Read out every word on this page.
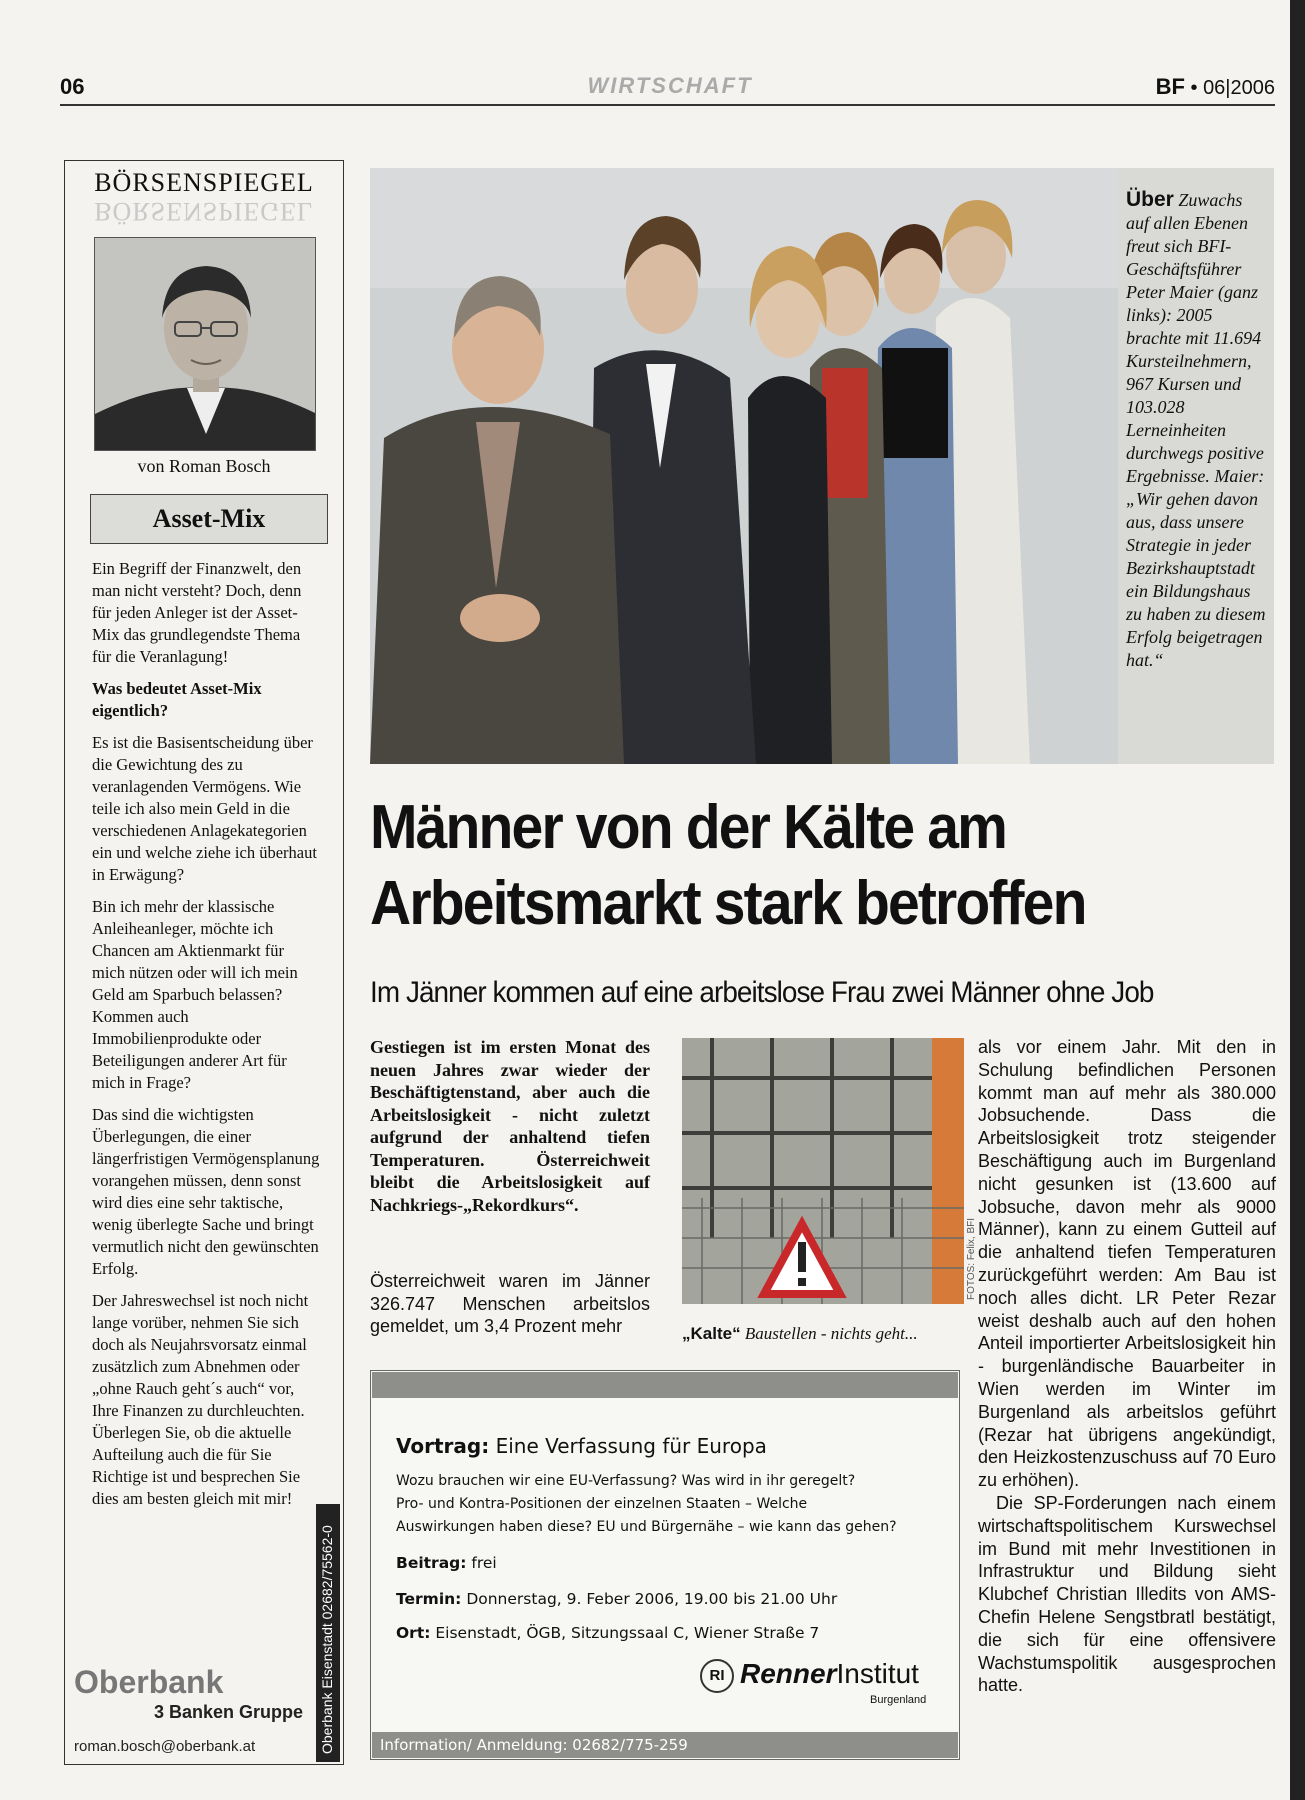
06	WIRTSCHAFT	BF • 06|2006
BÖRSENSPIEGEL
BÖRSENSPIEGEL
von Roman Bosch
Asset-Mix

Ein Begriff der Finanzwelt, den man nicht versteht? Doch, denn für jeden Anleger ist der Asset-Mix das grundlegendste Thema für die Veranlagung!

Was bedeutet Asset-Mix eigentlich?

Es ist die Basisentscheidung über die Gewichtung des zu veranlagenden Vermögens. Wie teile ich also mein Geld in die verschiedenen Anlagekategorien ein und welche ziehe ich überhaut in Erwägung?

Bin ich mehr der klassische Anleiheanleger, möchte ich Chancen am Aktienmarkt für mich nützen oder will ich mein Geld am Sparbuch belassen? Kommen auch Immobilienprodukte oder Beteiligungen anderer Art für mich in Frage?

Das sind die wichtigsten Überlegungen, die einer längerfristigen Vermögensplanung vorangehen müssen, denn sonst wird dies eine sehr taktische, wenig überlegte Sache und bringt vermutlich nicht den gewünschten Erfolg.

Der Jahreswechsel ist noch nicht lange vorüber, nehmen Sie sich doch als Neujahrsvorsatz einmal zusätzlich zum Abnehmen oder „ohne Rauch geht´s auch“ vor, Ihre Finanzen zu durchleuchten. Überlegen Sie, ob die aktuelle Aufteilung auch die für Sie Richtige ist und besprechen Sie dies am besten gleich mit mir!

Oberbank
3 Banken Gruppe
roman.bosch@oberbank.at	Oberbank Eisenstadt 02682/75562-0
Über Zuwachs auf allen Ebenen freut sich BFI-Geschäftsführer Peter Maier (ganz links): 2005 brachte mit 11.694 Kursteilnehmern, 967 Kursen und 103.028 Lerneinheiten durchwegs positive Ergebnisse. Maier: „Wir gehen davon aus, dass unsere Strategie in jeder Bezirkshauptstadt ein Bildungshaus zu haben zu diesem Erfolg beigetragen hat.“
Männer von der Kälte am
Arbeitsmarkt stark betroffen
Im Jänner kommen auf eine arbeitslose Frau zwei Männer ohne Job
Gestiegen ist im ersten Monat des neuen Jahres zwar wieder der Beschäftigtenstand, aber auch die Arbeitslosigkeit - nicht zuletzt aufgrund der anhaltend tiefen Temperaturen. Österreichweit bleibt die Arbeitslosigkeit auf Nachkriegs-„Rekordkurs“.
Österreichweit waren im Jänner 326.747 Menschen arbeitslos gemeldet, um 3,4 Prozent mehr
FOTOS: Felix, BFI
„Kalte“ Baustellen - nichts geht...

als vor einem Jahr. Mit den in Schulung befindlichen Personen kommt man auf mehr als 380.000 Jobsuchende. Dass die Arbeitslosigkeit trotz steigender Beschäftigung auch im Burgenland nicht gesunken ist (13.600 auf Jobsuche, davon mehr als 9000 Männer), kann zu einem Gutteil auf die anhaltend tiefen Temperaturen zurückgeführt werden: Am Bau ist noch alles dicht. LR Peter Rezar weist deshalb auch auf den hohen Anteil importierter Arbeitslosigkeit hin - burgenländische Bauarbeiter in Wien werden im Winter im Burgenland als arbeitslos geführt (Rezar hat übrigens angekündigt, den Heizkostenzuschuss auf 70 Euro zu erhöhen).

Die SP-Forderungen nach einem wirtschaftspolitischem Kurswechsel im Bund mit mehr Investitionen in Infrastruktur und Bildung sieht Klubchef Christian Illedits von AMS-Chefin Helene Sengstbratl bestätigt, die sich für eine offensivere Wachstumspolitik ausgesprochen hatte.

Vortrag: Eine Verfassung für Europa
Wozu brauchen wir eine EU-Verfassung? Was wird in ihr geregelt?
Pro- und Kontra-Positionen der einzelnen Staaten – Welche
Auswirkungen haben diese? EU und Bürgernähe – wie kann das gehen?
Beitrag: frei
Termin: Donnerstag, 9. Feber 2006, 19.00 bis 21.00 Uhr
Ort: Eisenstadt, ÖGB, Sitzungssaal C, Wiener Straße 7
RI RennerInstitut
Burgenland
Information/ Anmeldung: 02682/775-259
